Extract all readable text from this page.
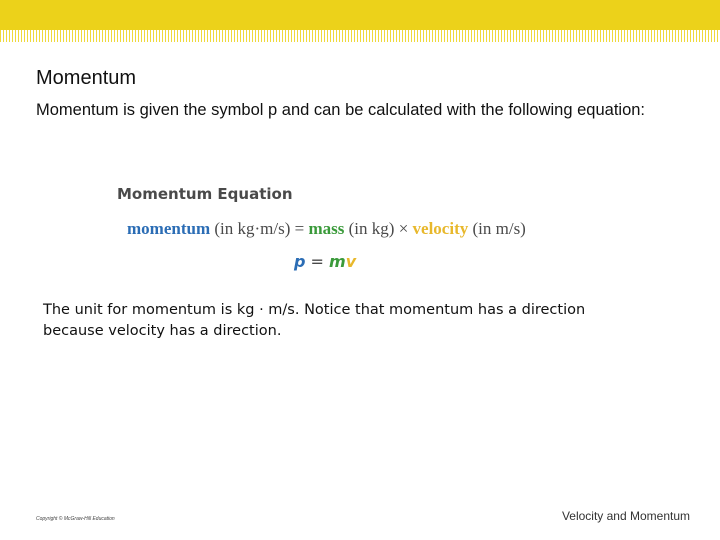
Momentum
Momentum is given the symbol p and can be calculated with the following equation:
Momentum Equation
momentum (in kg·m/s) = mass (in kg) × velocity (in m/s)
p = mv
The unit for momentum is kg · m/s. Notice that momentum has a direction because velocity has a direction.
Copyright © McGraw-Hill Education	Velocity and Momentum
